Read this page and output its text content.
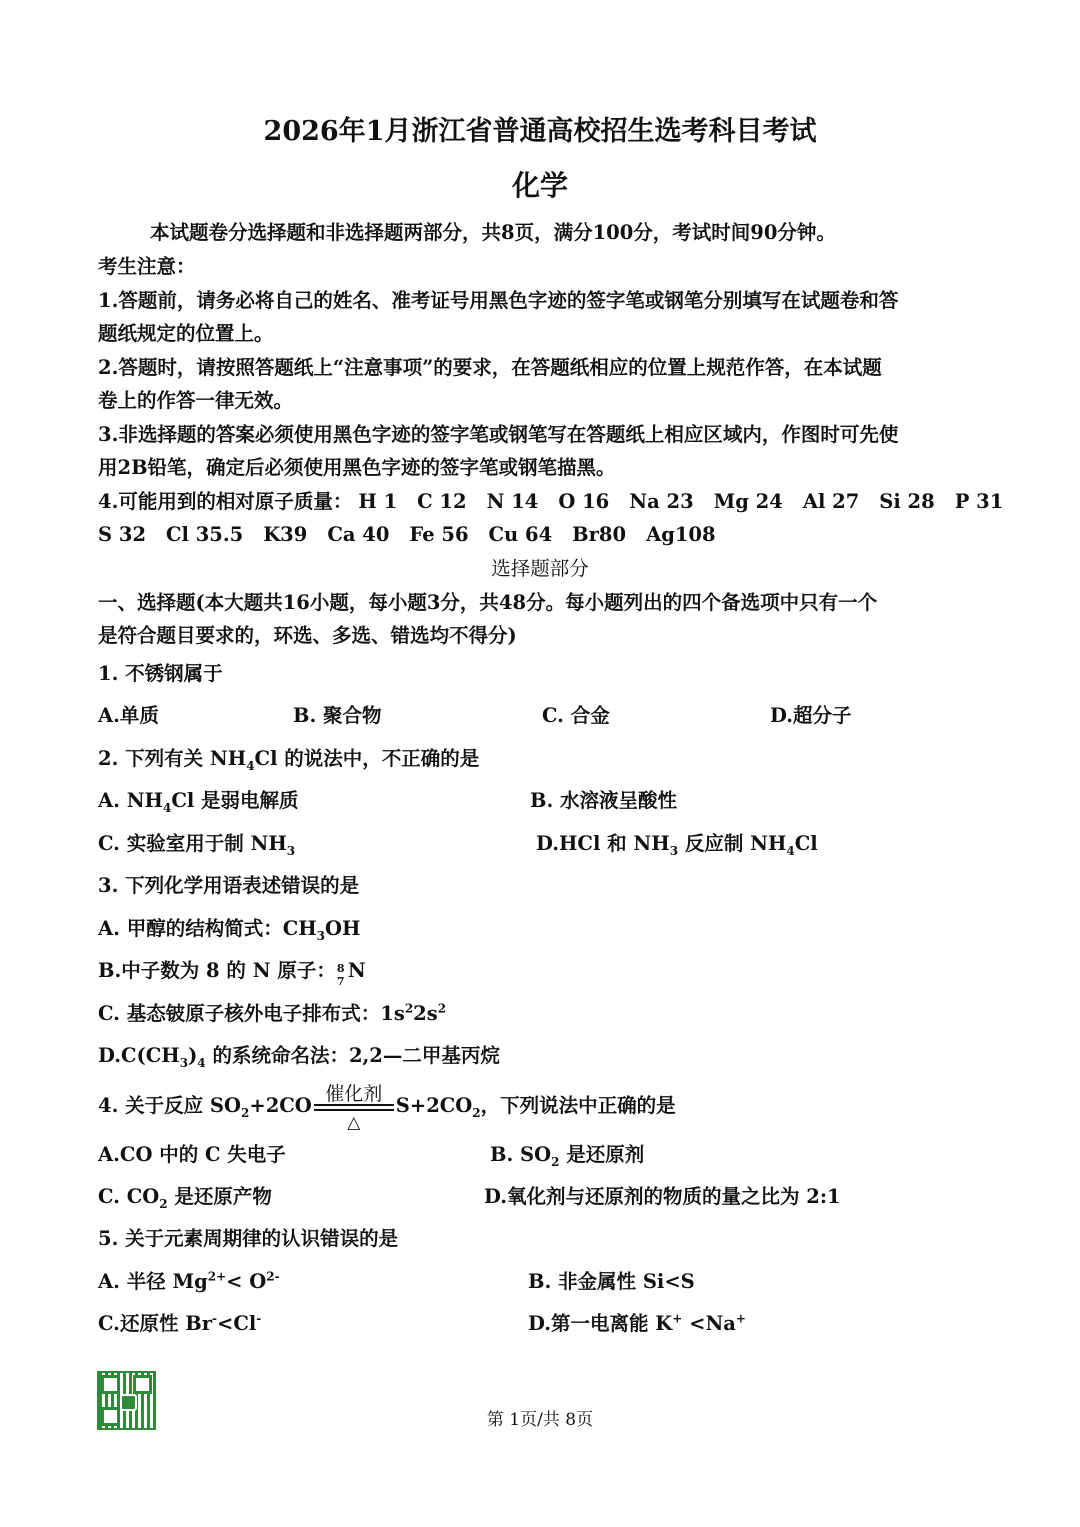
2026年1月浙江省普通高校招生选考科目考试
化学
本试题卷分选择题和非选择题两部分，共8页，满分100分，考试时间90分钟。
考生注意：
1.答题前，请务必将自己的姓名、准考证号用黑色字迹的签字笔或钢笔分别填写在试题卷和答
题纸规定的位置上。
2.答题时，请按照答题纸上“注意事项”的要求，在答题纸相应的位置上规范作答，在本试题
卷上的作答一律无效。
3.非选择题的答案必须使用黑色字迹的签字笔或钢笔写在答题纸上相应区域内，作图时可先使
用2B铅笔，确定后必须使用黑色字迹的签字笔或钢笔描黑。
4.可能用到的相对原子质量： H 1 C 12 N 14 O 16 Na 23 Mg 24 Al 27 Si 28 P 31
S 32 Cl 35.5 K39 Ca 40 Fe 56 Cu 64 Br80 Ag108
选择题部分
一、选择题(本大题共16小题，每小题3分，共48分。每小题列出的四个备选项中只有一个
是符合题目要求的，环选、多选、错选均不得分)
1. 不锈钢属于
A.单质	B. 聚合物	C. 合金	D.超分子
2. 下列有关 $NH_4Cl$ 的说法中，不正确的是
A. $NH_4Cl$ 是弱电解质	B. 水溶液呈酸性
C. 实验室用于制 $NH_3$	D.HCl 和 $NH_3$ 反应制 $NH_4Cl$
3. 下列化学用语表述错误的是
A. 甲醇的结构简式：$CH_3OH$
B.中子数为 8 的 N 原子： 8
7 N
C. 基态铍原子核外电子排布式：$1s^22s^2$
$D.C(CH_3)_4$ 的系统命名法：2,2—二甲基丙烷
4. 关于反应 $SO_2+2CO$ 催化剂
△
$S+2CO_2$，下列说法中正确的是
A.CO 中的 C 失电子	B. $SO_2$ 是还原剂
C. $CO_2$ 是还原产物	D.氧化剂与还原剂的物质的量之比为 2:1
5. 关于元素周期律的认识错误的是
A. 半径 $Mg^{2+}< O^{2-}$	B. 非金属性 Si<S
C.还原性 Br-<Cl-	D.第一电离能 K+ <Na+
第 1页/共 8页
